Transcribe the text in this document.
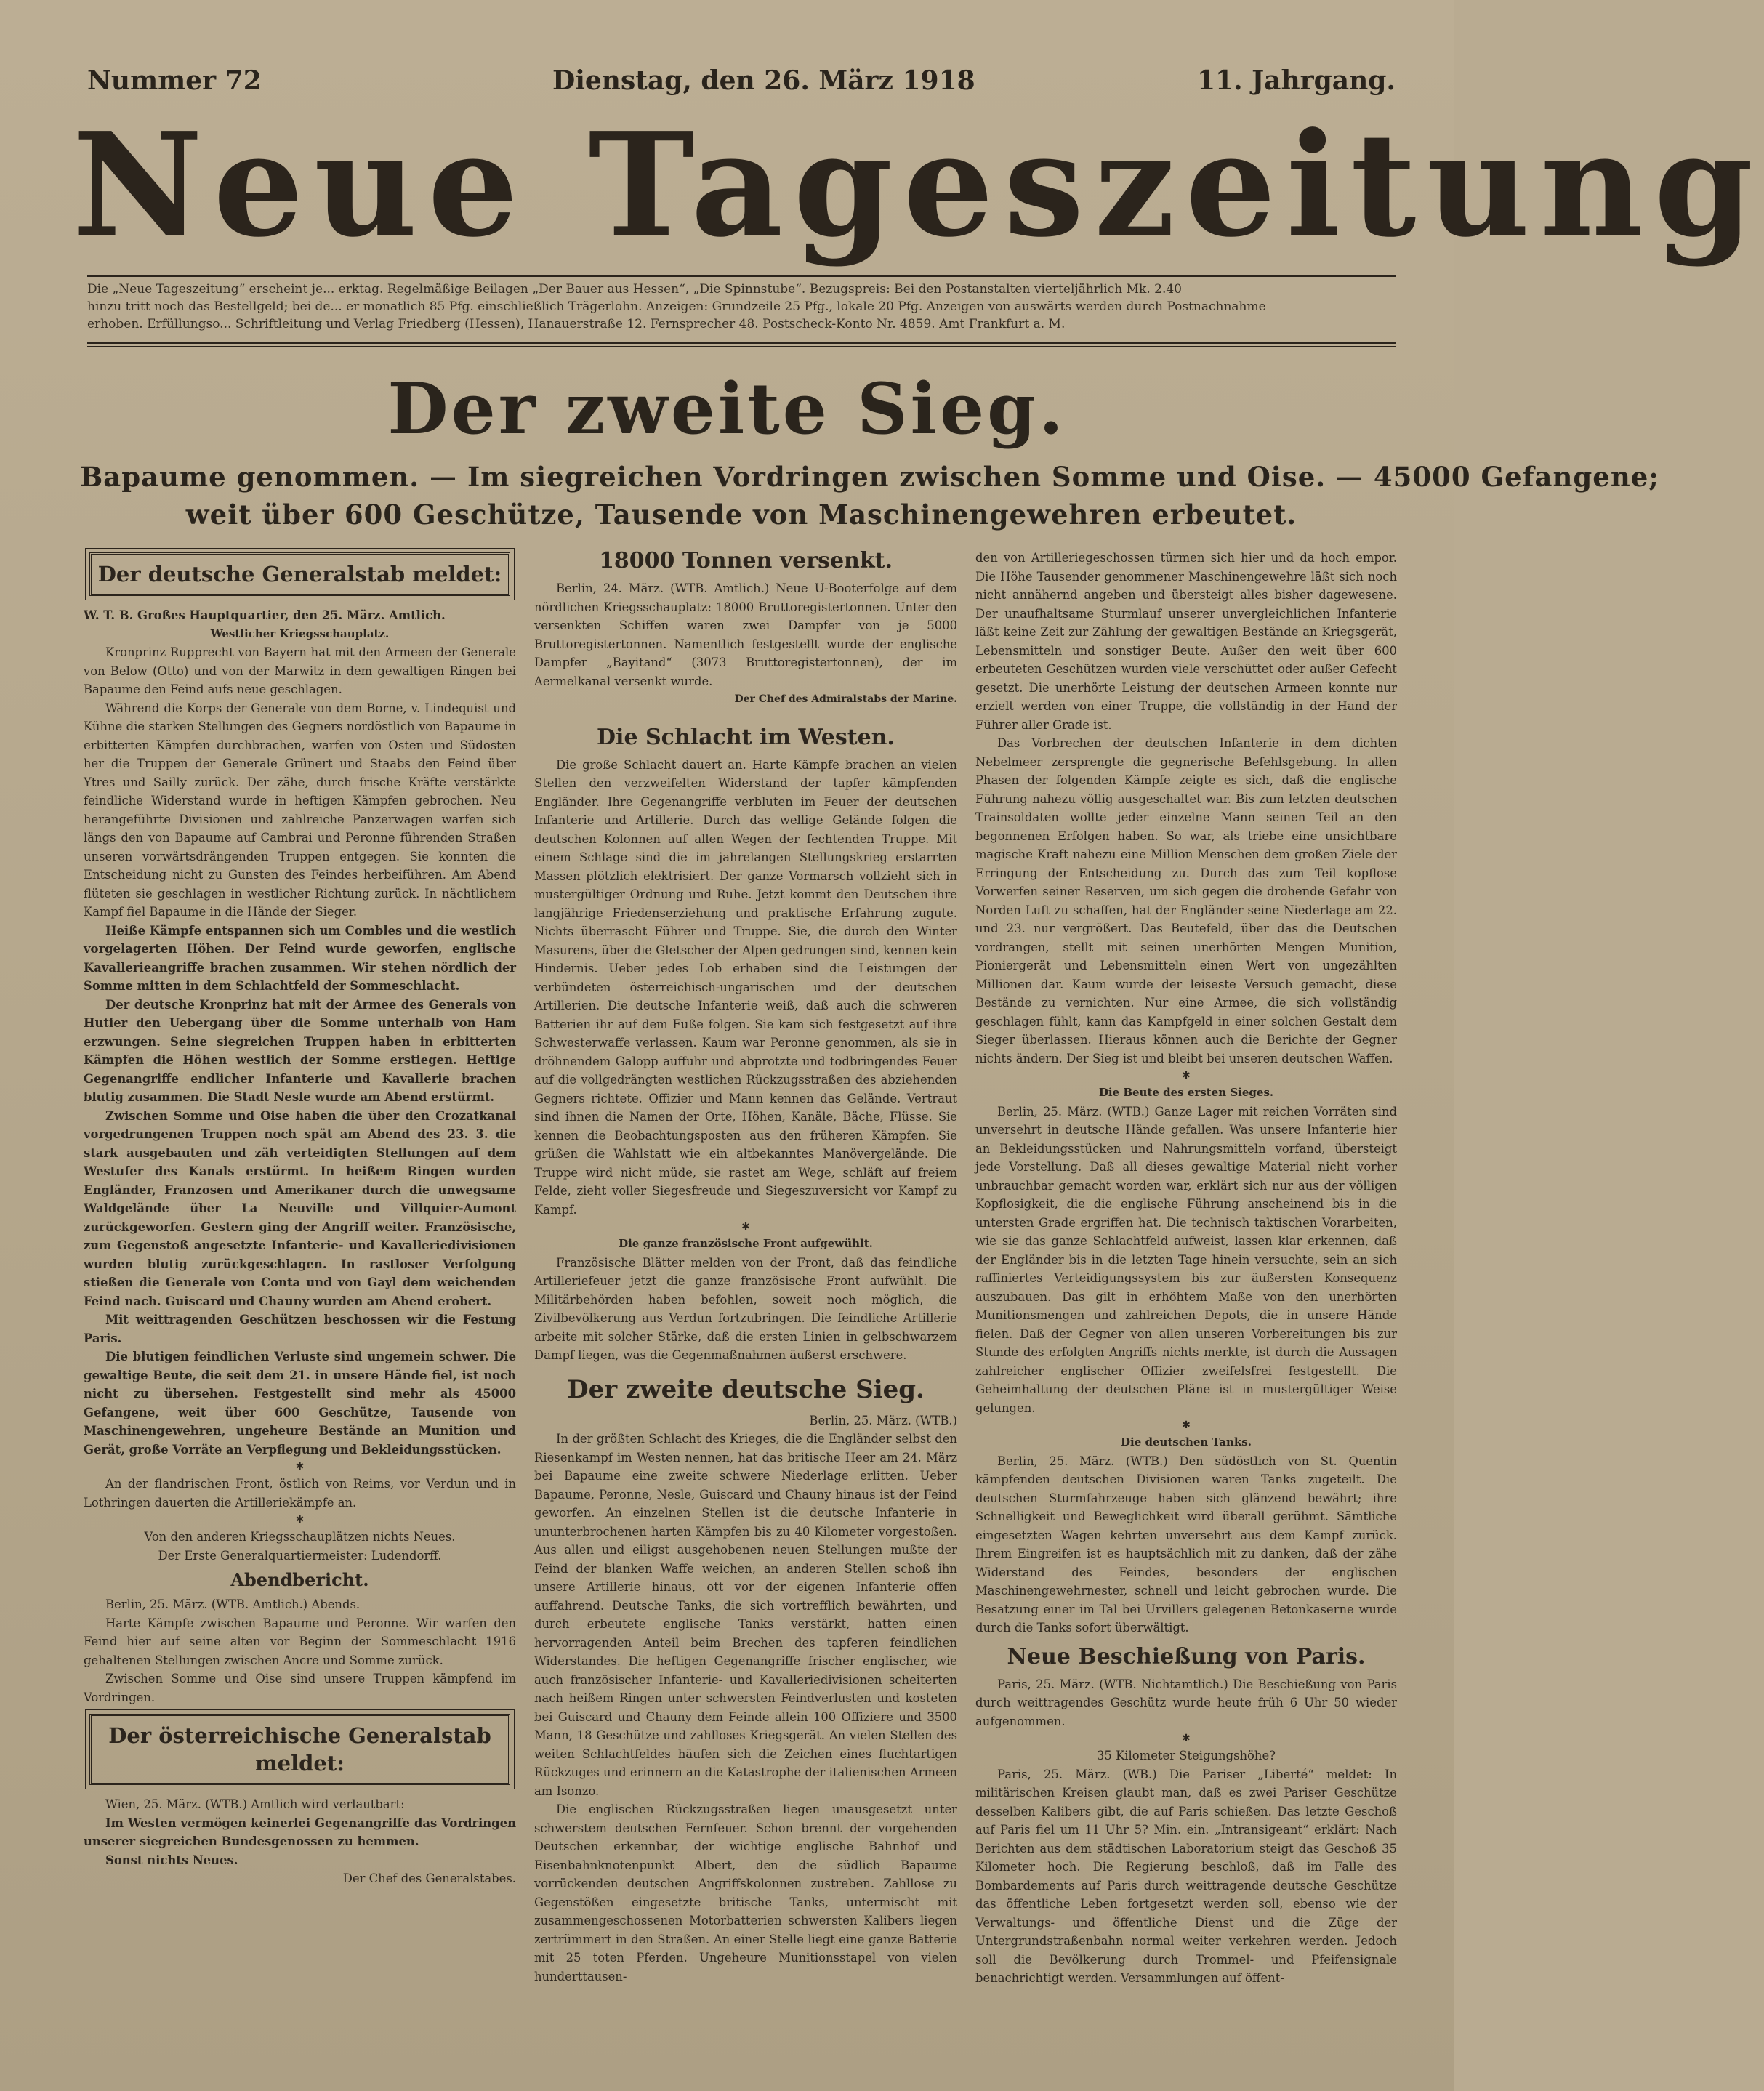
Nummer 72	Dienstag, den 26. März 1918	11. Jahrgang.
Neue Tageszeitung
Die „Neue Tageszeitung“ erscheint je... erktag. Regelmäßige Beilagen „Der Bauer aus Hessen“, „Die Spinnstube“. Bezugspreis: Bei den Postanstalten vierteljährlich Mk. 2.40
hinzu tritt noch das Bestellgeld; bei de... er monatlich 85 Pfg. einschließlich Trägerlohn. Anzeigen: Grundzeile 25 Pfg., lokale 20 Pfg. Anzeigen von auswärts werden durch Postnachnahme
erhoben. Erfüllungso... Schriftleitung und Verlag Friedberg (Hessen), Hanauerstraße 12. Fernsprecher 48. Postscheck-Konto Nr. 4859. Amt Frankfurt a. M.
Der zweite Sieg.
Bapaume genommen. — Im siegreichen Vordringen zwischen Somme und Oise. — 45000 Gefangene;
weit über 600 Geschütze, Tausende von Maschinengewehren erbeutet.
Der deutsche Generalstab meldet:

W. T. B. Großes Hauptquartier, den 25. März. Amtlich.

Westlicher Kriegsschauplatz.

Kronprinz Rupprecht von Bayern hat mit den Armeen der Generale von Below (Otto) und von der Marwitz in dem gewaltigen Ringen bei Bapaume den Feind aufs neue geschlagen.

Während die Korps der Generale von dem Borne, v. Lindequist und Kühne die starken Stellungen des Gegners nordöstlich von Bapaume in erbitterten Kämpfen durchbrachen, warfen von Osten und Südosten her die Truppen der Generale Grünert und Staabs den Feind über Ytres und Sailly zurück. Der zähe, durch frische Kräfte verstärkte feindliche Widerstand wurde in heftigen Kämpfen gebrochen. Neu herangeführte Divisionen und zahlreiche Panzerwagen warfen sich längs den von Bapaume auf Cambrai und Peronne führenden Straßen unseren vorwärtsdrängenden Truppen entgegen. Sie konnten die Entscheidung nicht zu Gunsten des Feindes herbeiführen. Am Abend flüteten sie geschlagen in westlicher Richtung zurück. In nächtlichem Kampf fiel Bapaume in die Hände der Sieger.

Heiße Kämpfe entspannen sich um Combles und die westlich vorgelagerten Höhen. Der Feind wurde geworfen, englische Kavallerieangriffe brachen zusammen. Wir stehen nördlich der Somme mitten in dem Schlachtfeld der Sommeschlacht.

Der deutsche Kronprinz hat mit der Armee des Generals von Hutier den Uebergang über die Somme unterhalb von Ham erzwungen. Seine siegreichen Truppen haben in erbitterten Kämpfen die Höhen westlich der Somme erstiegen. Heftige Gegenangriffe endlicher Infanterie und Kavallerie brachen blutig zusammen. Die Stadt Nesle wurde am Abend erstürmt.

Zwischen Somme und Oise haben die über den Crozatkanal vorgedrungenen Truppen noch spät am Abend des 23. 3. die stark ausgebauten und zäh verteidigten Stellungen auf dem Westufer des Kanals erstürmt. In heißem Ringen wurden Engländer, Franzosen und Amerikaner durch die unwegsame Waldgelände über La Neuville und Villquier-Aumont zurückgeworfen. Gestern ging der Angriff weiter. Französische, zum Gegenstoß angesetzte Infanterie- und Kavalleriedivisionen wurden blutig zurückgeschlagen. In rastloser Verfolgung stießen die Generale von Conta und von Gayl dem weichenden Feind nach. Guiscard und Chauny wurden am Abend erobert.

Mit weittragenden Geschützen beschossen wir die Festung Paris.

Die blutigen feindlichen Verluste sind ungemein schwer. Die gewaltige Beute, die seit dem 21. in unsere Hände fiel, ist noch nicht zu übersehen. Festgestellt sind mehr als 45000 Gefangene, weit über 600 Geschütze, Tausende von Maschinengewehren, ungeheure Bestände an Munition und Gerät, große Vorräte an Verpflegung und Bekleidungsstücken.

✱

An der flandrischen Front, östlich von Reims, vor Verdun und in Lothringen dauerten die Artilleriekämpfe an.

✱

Von den anderen Kriegsschauplätzen nichts Neues.

Der Erste Generalquartiermeister: Ludendorff.

Abendbericht.

Berlin, 25. März. (WTB. Amtlich.) Abends.

Harte Kämpfe zwischen Bapaume und Peronne. Wir warfen den Feind hier auf seine alten vor Beginn der Sommeschlacht 1916 gehaltenen Stellungen zwischen Ancre und Somme zurück.

Zwischen Somme und Oise sind unsere Truppen kämpfend im Vordringen.

Der österreichische Generalstab meldet:

Wien, 25. März. (WTB.) Amtlich wird verlautbart:

Im Westen vermögen keinerlei Gegenangriffe das Vordringen unserer siegreichen Bundesgenossen zu hemmen.

Sonst nichts Neues.

Der Chef des Generalstabes.

18000 Tonnen versenkt.

Berlin, 24. März. (WTB. Amtlich.) Neue U-Booterfolge auf dem nördlichen Kriegsschauplatz: 18000 Bruttoregistertonnen. Unter den versenkten Schiffen waren zwei Dampfer von je 5000 Bruttoregistertonnen. Namentlich festgestellt wurde der englische Dampfer „Bayitand“ (3073 Bruttoregistertonnen), der im Aermelkanal versenkt wurde.

Der Chef des Admiralstabs der Marine.

Die Schlacht im Westen.

Die große Schlacht dauert an. Harte Kämpfe brachen an vielen Stellen den verzweifelten Widerstand der tapfer kämpfenden Engländer. Ihre Gegenangriffe verbluten im Feuer der deutschen Infanterie und Artillerie. Durch das wellige Gelände folgen die deutschen Kolonnen auf allen Wegen der fechtenden Truppe. Mit einem Schlage sind die im jahrelangen Stellungskrieg erstarrten Massen plötzlich elektrisiert. Der ganze Vormarsch vollzieht sich in mustergültiger Ordnung und Ruhe. Jetzt kommt den Deutschen ihre langjährige Friedenserziehung und praktische Erfahrung zugute. Nichts überrascht Führer und Truppe. Sie, die durch den Winter Masurens, über die Gletscher der Alpen gedrungen sind, kennen kein Hindernis. Ueber jedes Lob erhaben sind die Leistungen der verbündeten österreichisch-ungarischen und der deutschen Artillerien. Die deutsche Infanterie weiß, daß auch die schweren Batterien ihr auf dem Fuße folgen. Sie kam sich festgesetzt auf ihre Schwesterwaffe verlassen. Kaum war Peronne genommen, als sie in dröhnendem Galopp auffuhr und abprotzte und todbringendes Feuer auf die vollgedrängten westlichen Rückzugsstraßen des abziehenden Gegners richtete. Offizier und Mann kennen das Gelände. Vertraut sind ihnen die Namen der Orte, Höhen, Kanäle, Bäche, Flüsse. Sie kennen die Beobachtungsposten aus den früheren Kämpfen. Sie grüßen die Wahlstatt wie ein altbekanntes Manövergelände. Die Truppe wird nicht müde, sie rastet am Wege, schläft auf freiem Felde, zieht voller Siegesfreude und Siegeszuversicht vor Kampf zu Kampf.

✱

Die ganze französische Front aufgewühlt.

Französische Blätter melden von der Front, daß das feindliche Artilleriefeuer jetzt die ganze französische Front aufwühlt. Die Militärbehörden haben befohlen, soweit noch möglich, die Zivilbevölkerung aus Verdun fortzubringen. Die feindliche Artillerie arbeite mit solcher Stärke, daß die ersten Linien in gelbschwarzem Dampf liegen, was die Gegenmaßnahmen äußerst erschwere.

Der zweite deutsche Sieg.

Berlin, 25. März. (WTB.)

In der größten Schlacht des Krieges, die die Engländer selbst den Riesenkampf im Westen nennen, hat das britische Heer am 24. März bei Bapaume eine zweite schwere Niederlage erlitten. Ueber Bapaume, Peronne, Nesle, Guiscard und Chauny hinaus ist der Feind geworfen. An einzelnen Stellen ist die deutsche Infanterie in ununterbrochenen harten Kämpfen bis zu 40 Kilometer vorgestoßen. Aus allen und eiligst ausgehobenen neuen Stellungen mußte der Feind der blanken Waffe weichen, an anderen Stellen schoß ihn unsere Artillerie hinaus, ott vor der eigenen Infanterie offen auffahrend. Deutsche Tanks, die sich vortrefflich bewährten, und durch erbeutete englische Tanks verstärkt, hatten einen hervorragenden Anteil beim Brechen des tapferen feindlichen Widerstandes. Die heftigen Gegenangriffe frischer englischer, wie auch französischer Infanterie- und Kavalleriedivisionen scheiterten nach heißem Ringen unter schwersten Feindverlusten und kosteten bei Guiscard und Chauny dem Feinde allein 100 Offiziere und 3500 Mann, 18 Geschütze und zahlloses Kriegsgerät. An vielen Stellen des weiten Schlachtfeldes häufen sich die Zeichen eines fluchtartigen Rückzuges und erinnern an die Katastrophe der italienischen Armeen am Isonzo.

Die englischen Rückzugsstraßen liegen unausgesetzt unter schwerstem deutschen Fernfeuer. Schon brennt der vorgehenden Deutschen erkennbar, der wichtige englische Bahnhof und Eisenbahnknotenpunkt Albert, den die südlich Bapaume vorrückenden deutschen Angriffskolonnen zustreben. Zahllose zu Gegenstößen eingesetzte britische Tanks, untermischt mit zusammengeschossenen Motorbatterien schwersten Kalibers liegen zertrümmert in den Straßen. An einer Stelle liegt eine ganze Batterie mit 25 toten Pferden. Ungeheure Munitionsstapel von vielen hunderttausen-

den von Artilleriegeschossen türmen sich hier und da hoch empor. Die Höhe Tausender genommener Maschinengewehre läßt sich noch nicht annähernd angeben und übersteigt alles bisher dagewesene. Der unaufhaltsame Sturmlauf unserer unvergleichlichen Infanterie läßt keine Zeit zur Zählung der gewaltigen Bestände an Kriegsgerät, Lebensmitteln und sonstiger Beute. Außer den weit über 600 erbeuteten Geschützen wurden viele verschüttet oder außer Gefecht gesetzt. Die unerhörte Leistung der deutschen Armeen konnte nur erzielt werden von einer Truppe, die vollständig in der Hand der Führer aller Grade ist.

Das Vorbrechen der deutschen Infanterie in dem dichten Nebelmeer zersprengte die gegnerische Befehlsgebung. In allen Phasen der folgenden Kämpfe zeigte es sich, daß die englische Führung nahezu völlig ausgeschaltet war. Bis zum letzten deutschen Trainsoldaten wollte jeder einzelne Mann seinen Teil an den begonnenen Erfolgen haben. So war, als triebe eine unsichtbare magische Kraft nahezu eine Million Menschen dem großen Ziele der Erringung der Entscheidung zu. Durch das zum Teil kopflose Vorwerfen seiner Reserven, um sich gegen die drohende Gefahr von Norden Luft zu schaffen, hat der Engländer seine Niederlage am 22. und 23. nur vergrößert. Das Beutefeld, über das die Deutschen vordrangen, stellt mit seinen unerhörten Mengen Munition, Pioniergerät und Lebensmitteln einen Wert von ungezählten Millionen dar. Kaum wurde der leiseste Versuch gemacht, diese Bestände zu vernichten. Nur eine Armee, die sich vollständig geschlagen fühlt, kann das Kampfgeld in einer solchen Gestalt dem Sieger überlassen. Hieraus können auch die Berichte der Gegner nichts ändern. Der Sieg ist und bleibt bei unseren deutschen Waffen.

✱

Die Beute des ersten Sieges.

Berlin, 25. März. (WTB.) Ganze Lager mit reichen Vorräten sind unversehrt in deutsche Hände gefallen. Was unsere Infanterie hier an Bekleidungsstücken und Nahrungsmitteln vorfand, übersteigt jede Vorstellung. Daß all dieses gewaltige Material nicht vorher unbrauchbar gemacht worden war, erklärt sich nur aus der völligen Kopflosigkeit, die die englische Führung anscheinend bis in die untersten Grade ergriffen hat. Die technisch taktischen Vorarbeiten, wie sie das ganze Schlachtfeld aufweist, lassen klar erkennen, daß der Engländer bis in die letzten Tage hinein versuchte, sein an sich raffiniertes Verteidigungssystem bis zur äußersten Konsequenz auszubauen. Das gilt in erhöhtem Maße von den unerhörten Munitionsmengen und zahlreichen Depots, die in unsere Hände fielen. Daß der Gegner von allen unseren Vorbereitungen bis zur Stunde des erfolgten Angriffs nichts merkte, ist durch die Aussagen zahlreicher englischer Offizier zweifelsfrei festgestellt. Die Geheimhaltung der deutschen Pläne ist in mustergültiger Weise gelungen.

✱

Die deutschen Tanks.

Berlin, 25. März. (WTB.) Den südöstlich von St. Quentin kämpfenden deutschen Divisionen waren Tanks zugeteilt. Die deutschen Sturmfahrzeuge haben sich glänzend bewährt; ihre Schnelligkeit und Beweglichkeit wird überall gerühmt. Sämtliche eingesetzten Wagen kehrten unversehrt aus dem Kampf zurück. Ihrem Eingreifen ist es hauptsächlich mit zu danken, daß der zähe Widerstand des Feindes, besonders der englischen Maschinengewehrnester, schnell und leicht gebrochen wurde. Die Besatzung einer im Tal bei Urvillers gelegenen Betonkaserne wurde durch die Tanks sofort überwältigt.

Neue Beschießung von Paris.

Paris, 25. März. (WTB. Nichtamtlich.) Die Beschießung von Paris durch weittragendes Geschütz wurde heute früh 6 Uhr 50 wieder aufgenommen.

✱

35 Kilometer Steigungshöhe?

Paris, 25. März. (WB.) Die Pariser „Liberté“ meldet: In militärischen Kreisen glaubt man, daß es zwei Pariser Geschütze desselben Kalibers gibt, die auf Paris schießen. Das letzte Geschoß auf Paris fiel um 11 Uhr 5? Min. ein. „Intransigeant“ erklärt: Nach Berichten aus dem städtischen Laboratorium steigt das Geschoß 35 Kilometer hoch. Die Regierung beschloß, daß im Falle des Bombardements auf Paris durch weittragende deutsche Geschütze das öffentliche Leben fortgesetzt werden soll, ebenso wie der Verwaltungs- und öffentliche Dienst und die Züge der Untergrundstraßenbahn normal weiter verkehren werden. Jedoch soll die Bevölkerung durch Trommel- und Pfeifensignale benachrichtigt werden. Versammlungen auf öffent-
